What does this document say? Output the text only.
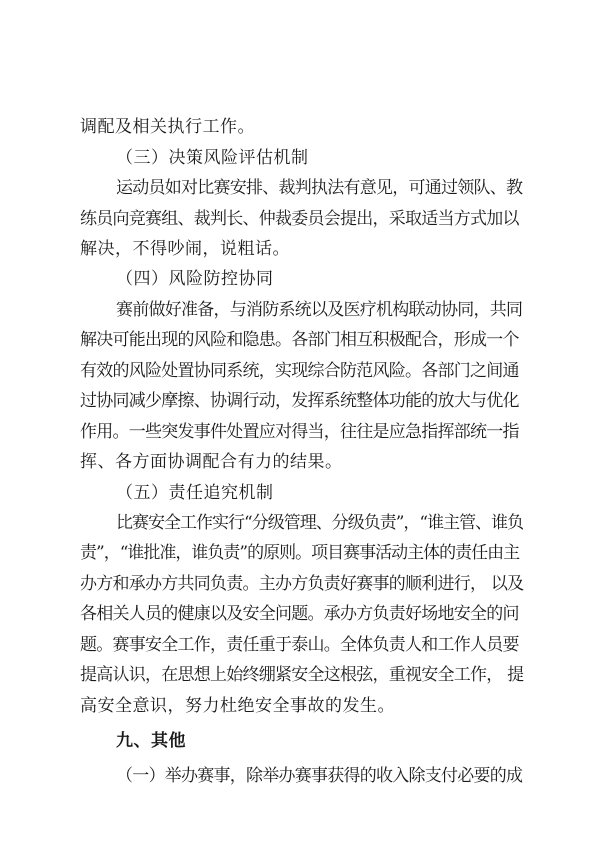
调配及相关执行工作。
（三）决策风险评估机制
运动员如对比赛安排、裁判执法有意见，可通过领队、教
练员向竞赛组、裁判长、仲裁委员会提出，采取适当方式加以
解决，不得吵闹，说粗话。
（四）风险防控协同
赛前做好准备，与消防系统以及医疗机构联动协同，共同
解决可能出现的风险和隐患。各部门相互积极配合，形成一个
有效的风险处置协同系统，实现综合防范风险。各部门之间通
过协同减少摩擦、协调行动，发挥系统整体功能的放大与优化
作用。一些突发事件处置应对得当，往往是应急指挥部统一指
挥、各方面协调配合有力的结果。
（五）责任追究机制
比赛安全工作实行“分级管理、分级负责”，“谁主管、谁负
责”，“谁批准，谁负责”的原则。项目赛事活动主体的责任由主
办方和承办方共同负责。主办方负责好赛事的顺利进行， 以及
各相关人员的健康以及安全问题。承办方负责好场地安全的问
题。赛事安全工作，责任重于泰山。全体负责人和工作人员要
提高认识，在思想上始终绷紧安全这根弦，重视安全工作， 提
高安全意识，努力杜绝安全事故的发生。
九、其他
（一）举办赛事，除举办赛事获得的收入除支付必要的成
